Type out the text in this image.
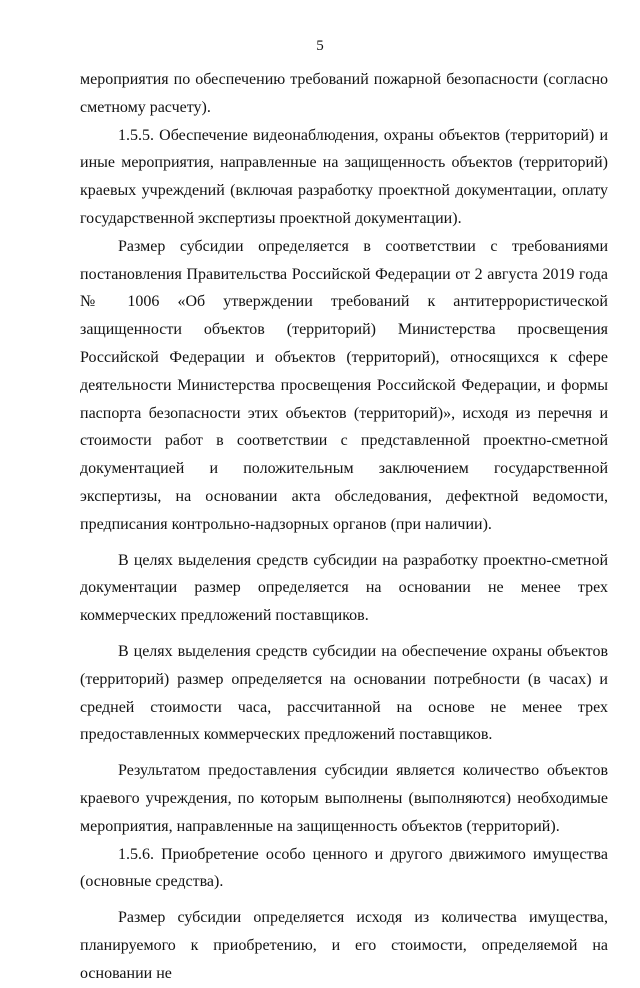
5

мероприятия по обеспечению требований пожарной безопасности (согласно сметному расчету).

1.5.5. Обеспечение видеонаблюдения, охраны объектов (территорий) и иные мероприятия, направленные на защищенность объектов (территорий) краевых учреждений (включая разработку проектной документации, оплату государственной экспертизы проектной документации).

Размер субсидии определяется в соответствии с требованиями постановления Правительства Российской Федерации от 2 августа 2019 года № 1006 «Об утверждении требований к антитеррористической защищенности объектов (территорий) Министерства просвещения Российской Федерации и объектов (территорий), относящихся к сфере деятельности Министерства просвещения Российской Федерации, и формы паспорта безопасности этих объектов (территорий)», исходя из перечня и стоимости работ в соответствии с представленной проектно-сметной документацией и положительным заключением государственной экспертизы, на основании акта обследования, дефектной ведомости, предписания контрольно-надзорных органов (при наличии).

В целях выделения средств субсидии на разработку проектно-сметной документации размер определяется на основании не менее трех коммерческих предложений поставщиков.

В целях выделения средств субсидии на обеспечение охраны объектов (территорий) размер определяется на основании потребности (в часах) и средней стоимости часа, рассчитанной на основе не менее трех предоставленных коммерческих предложений поставщиков.

Результатом предоставления субсидии является количество объектов краевого учреждения, по которым выполнены (выполняются) необходимые мероприятия, направленные на защищенность объектов (территорий).

1.5.6. Приобретение особо ценного и другого движимого имущества (основные средства).

Размер субсидии определяется исходя из количества имущества, планируемого к приобретению, и его стоимости, определяемой на основании не
